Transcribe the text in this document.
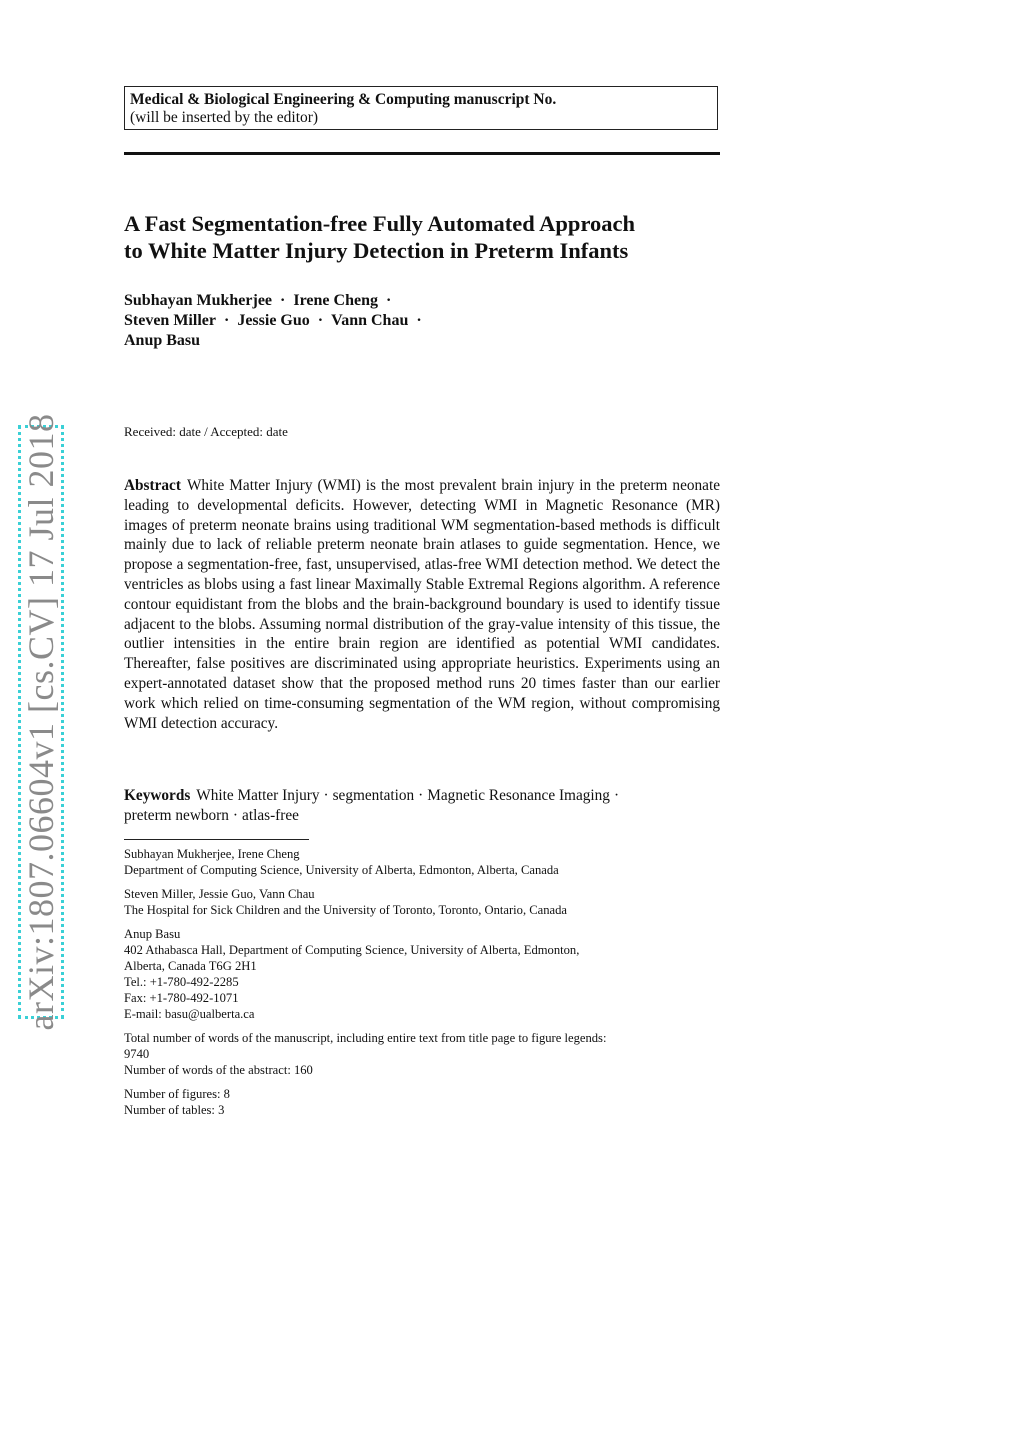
Medical & Biological Engineering & Computing manuscript No.
(will be inserted by the editor)
A Fast Segmentation-free Fully Automated Approach
to White Matter Injury Detection in Preterm Infants
Subhayan Mukherjee · Irene Cheng ·
Steven Miller · Jessie Guo · Vann Chau ·
Anup Basu
Received: date / Accepted: date

Abstract White Matter Injury (WMI) is the most prevalent brain injury in the preterm neonate leading to developmental deficits. However, detecting WMI in Magnetic Resonance (MR) images of preterm neonate brains using traditional WM segmentation-based methods is difficult mainly due to lack of reliable preterm neonate brain atlases to guide segmentation. Hence, we propose a segmentation-free, fast, unsupervised, atlas-free WMI detection method. We detect the ventricles as blobs using a fast linear Maximally Stable Extremal Regions algorithm. A reference contour equidistant from the blobs and the brain-background boundary is used to identify tissue adjacent to the blobs. Assuming normal distribution of the gray-value intensity of this tissue, the outlier intensities in the entire brain region are identified as potential WMI candidates. Thereafter, false positives are discriminated using appropriate heuristics. Experiments using an expert-annotated dataset show that the proposed method runs 20 times faster than our earlier work which relied on time-consuming segmentation of the WM region, without compromising WMI detection accuracy.

Keywords White Matter Injury · segmentation · Magnetic Resonance Imaging ·
preterm newborn · atlas-free

Subhayan Mukherjee, Irene Cheng
Department of Computing Science, University of Alberta, Edmonton, Alberta, Canada
Steven Miller, Jessie Guo, Vann Chau
The Hospital for Sick Children and the University of Toronto, Toronto, Ontario, Canada
Anup Basu
402 Athabasca Hall, Department of Computing Science, University of Alberta, Edmonton,
Alberta, Canada T6G 2H1
Tel.: +1-780-492-2285
Fax: +1-780-492-1071
E-mail: basu@ualberta.ca
Total number of words of the manuscript, including entire text from title page to figure legends:
9740
Number of words of the abstract: 160
Number of figures: 8
Number of tables: 3
arXiv:1807.06604v1 [cs.CV] 17 Jul 2018
